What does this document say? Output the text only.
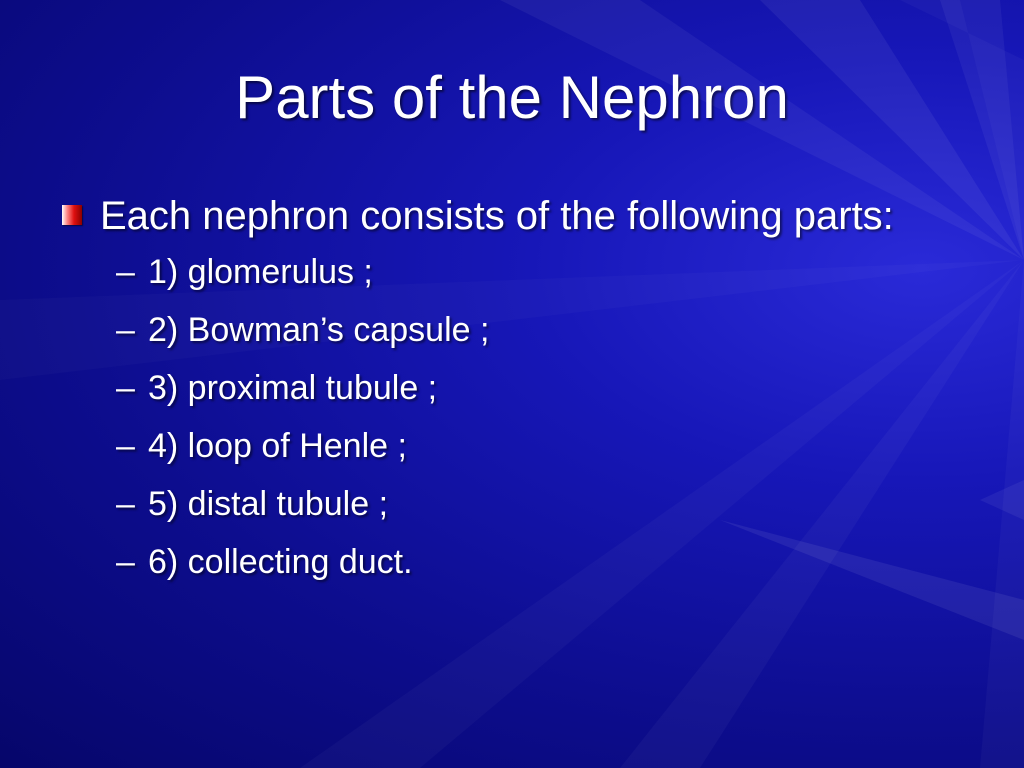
Parts of the Nephron
Each nephron consists of the following parts:
– 1) glomerulus ;
– 2) Bowman’s capsule ;
– 3) proximal tubule ;
– 4) loop of Henle ;
– 5) distal tubule ;
– 6) collecting duct.
